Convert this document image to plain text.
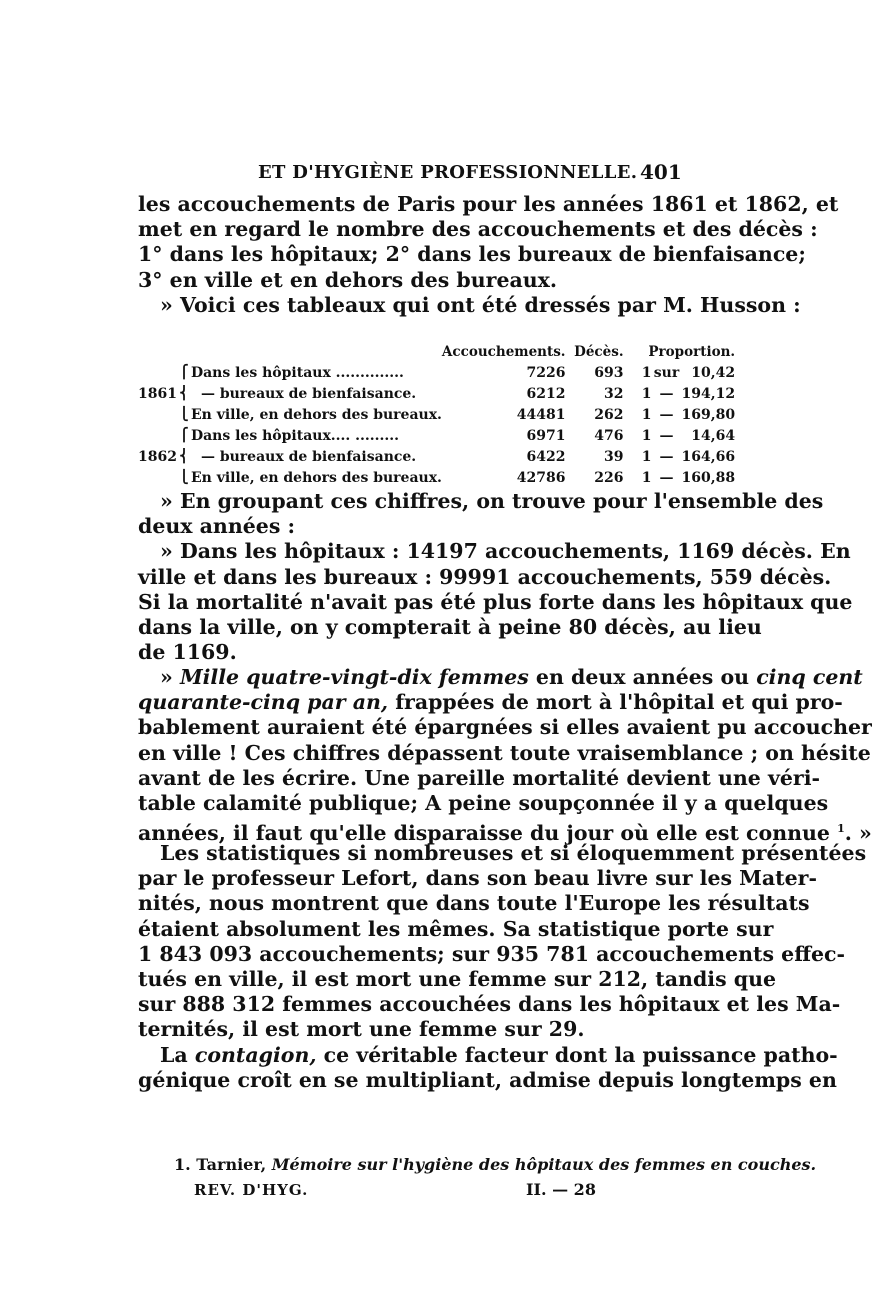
ET D'HYGIÈNE PROFESSIONNELLE. 401
les accouchements de Paris pour les années 1861 et 1862, et
met en regard le nombre des accouchements et des décès :
1° dans les hôpitaux; 2° dans les bureaux de bienfaisance;
3° en ville et en dehors des bureaux.
» Voici ces tableaux qui ont été dressés par M. Husson :
			Accouchements.	Décès.	Proportion.		
	⎧	Dans les hôpitaux ..............	7226	693	1	sur	10,42
1861	⎨	— bureaux de bienfaisance.	6212	32	1	—	194,12
	⎩	En ville, en dehors des bureaux.	44481	262	1	—	169,80
	⎧	Dans les hôpitaux.... .........	6971	476	1	—	14,64
1862	⎨	— bureaux de bienfaisance.	6422	39	1	—	164,66
	⎩	En ville, en dehors des bureaux.	42786	226	1	—	160,88
» En groupant ces chiffres, on trouve pour l'ensemble des
deux années :
» Dans les hôpitaux : 14197 accouchements, 1169 décès. En
ville et dans les bureaux : 99991 accouchements, 559 décès.
Si la mortalité n'avait pas été plus forte dans les hôpitaux que
dans la ville, on y compterait à peine 80 décès, au lieu
de 1169.
» Mille quatre-vingt-dix femmes en deux années ou cinq cent
quarante-cinq par an, frappées de mort à l'hôpital et qui pro-
bablement auraient été épargnées si elles avaient pu accoucher
en ville ! Ces chiffres dépassent toute vraisemblance ; on hésite
avant de les écrire. Une pareille mortalité devient une véri-
table calamité publique; A peine soupçonnée il y a quelques
années, il faut qu'elle disparaisse du jour où elle est connue $^1$. »
Les statistiques si nombreuses et si éloquemment présentées
par le professeur Lefort, dans son beau livre sur les Mater-
nités, nous montrent que dans toute l'Europe les résultats
étaient absolument les mêmes. Sa statistique porte sur
1 843 093 accouchements; sur 935 781 accouchements effec-
tués en ville, il est mort une femme sur 212, tandis que
sur 888 312 femmes accouchées dans les hôpitaux et les Ma-
ternités, il est mort une femme sur 29.
La contagion, ce véritable facteur dont la puissance patho-
génique croît en se multipliant, admise depuis longtemps en
1. Tarnier, Mémoire sur l'hygiène des hôpitaux des femmes en couches.
REV. D'HYG.	II. — 28
